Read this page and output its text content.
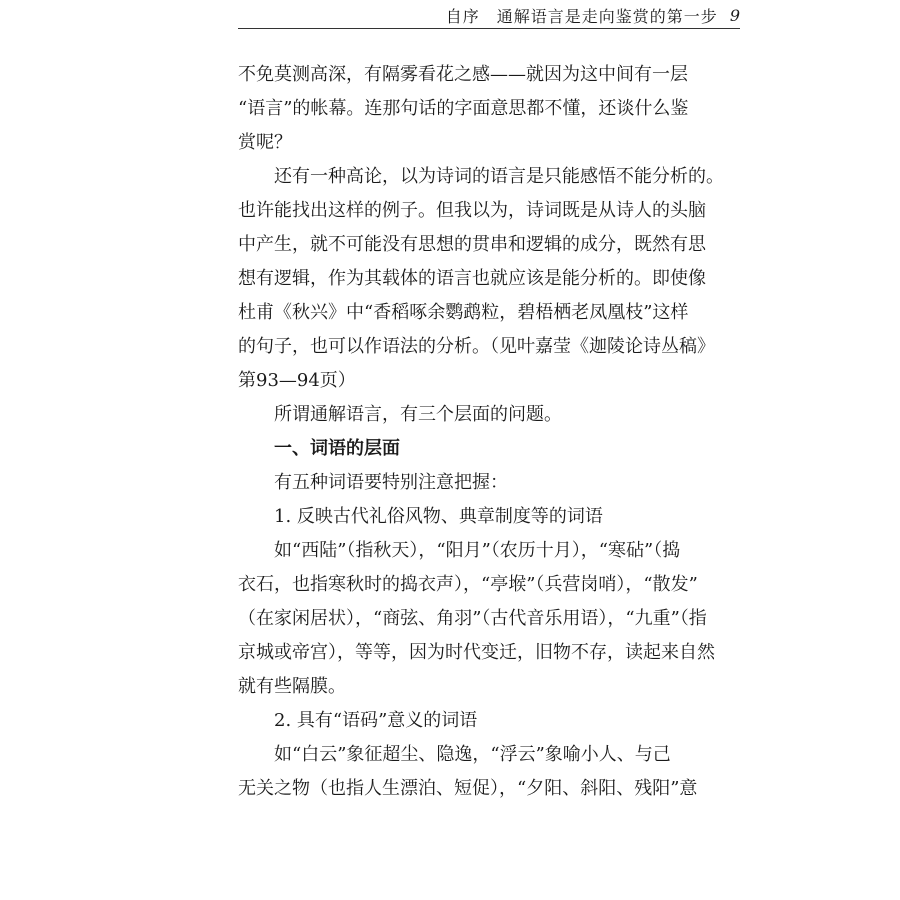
自序　通解语言是走向鉴赏的第一步 9
不免莫测高深，有隔雾看花之感——就因为这中间有一层
“语言”的帐幕。连那句话的字面意思都不懂，还谈什么鉴
赏呢？
还有一种高论，以为诗词的语言是只能感悟不能分析的。
也许能找出这样的例子。但我以为，诗词既是从诗人的头脑
中产生，就不可能没有思想的贯串和逻辑的成分，既然有思
想有逻辑，作为其载体的语言也就应该是能分析的。即使像
杜甫《秋兴》中“香稻啄余鹦鹉粒，碧梧栖老凤凰枝”这样
的句子，也可以作语法的分析。（见叶嘉莹《迦陵论诗丛稿》
第93—94页）
所谓通解语言，有三个层面的问题。
一、词语的层面
有五种词语要特别注意把握：
1. 反映古代礼俗风物、典章制度等的词语
如“西陆”（指秋天），“阳月”（农历十月），“寒砧”（捣
衣石，也指寒秋时的捣衣声），“亭堠”（兵营岗哨），“散发”
（在家闲居状），“商弦、角羽”（古代音乐用语），“九重”（指
京城或帝宫），等等，因为时代变迁，旧物不存，读起来自然
就有些隔膜。
2. 具有“语码”意义的词语
如“白云”象征超尘、隐逸，“浮云”象喻小人、与己
无关之物（也指人生漂泊、短促），“夕阳、斜阳、残阳”意
